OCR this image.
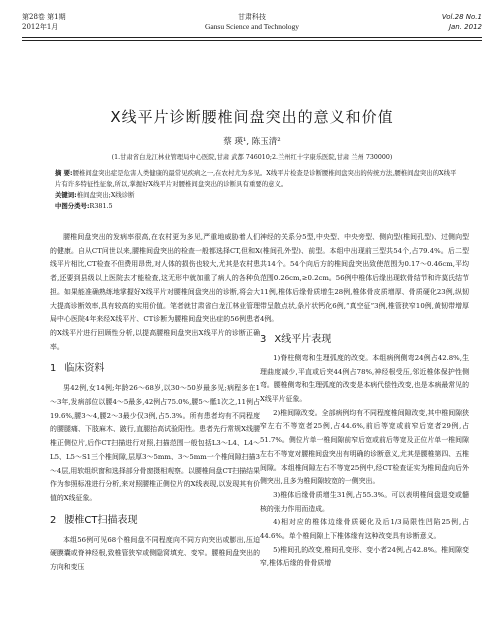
第28卷 第1期
2012年1月
甘肃科技
Gansu Science and Technology
Vol.28 No.1
Jan. 2012
X线平片诊断腰椎间盘突出的意义和价值
蔡 瑛¹, 陈玉清²
(1.甘肃省白龙江林业管理局中心医院,甘肃 武都 746010;2.兰州红十字康乐医院,甘肃 兰州 730000)

摘 要:腰椎间盘突出症是危害人类健康的最常见疾病之一,在农村尤为多见。X线平片检查是诊断腰椎间盘突出的传统方法,腰椎间盘突出的X线平片有许多特征性征象,所以,掌握好X线平片对腰椎间盘突出的诊断具有重要的意义。

关键词:椎间盘突出;X线诊断

中图分类号:R381.5

腰椎间盘突出的发病率很高,在农村更为多见,严重地威胁着人们的健康。自从CT问世以来,腰椎间盘突出的检查一般都选择CT,但和X线平片相比,CT检查不但费用昂贵,对人体的损伤也较大,尤其是农村患者,还要到县级以上医院去才能检查,这无形中就加重了病人的各种负担。如果能准确熟练地掌握好X线平片对腰椎间盘突出的诊断,将会大大提高诊断效率,具有较高的实用价值。笔者就甘肃省白龙江林业管理局中心医院4年来经X线平片、CT诊断为腰椎间盘突出症的56例患者的X线平片进行回顾性分析,以提高腰椎间盘突出X线平片的诊断正确率。

1 临床资料

男42例,女14例;年龄26～68岁,以30～50岁最多见;病程多在1～3年,发病部位以腰4～5最多,42例占75.0%,腰5～骶1次之,11例占19.6%,腰3～4,腰2～3最少仅3例,占5.3%。所有患者均有不同程度的腰腿痛、下肢麻木、跛行,直腿抬高试验阳性。患者先行常规X线腰椎正侧位片,后作CT扫描进行对照,扫描范围一般包括L3～L4、L4～L5、L5～S1三个椎间隙,层厚3～5mm、3～5mm一个椎间隙扫描3～4层,用软组织窗和选择部分骨窗摄相观察。以腰椎间盘CT扫描结果作为参照标准进行分析,来对照腰椎正侧位片的X线表现,以发现其有价值的X线征象。

2 腰椎CT扫描表现

本组56例可见68个椎间盘不同程度向不同方向突出或膨出,压迫硬膜囊或脊神经根,致椎管狭窄或侧隐窝填充、变窄。腰椎间盘突出的方向和变压

神经的关系分5型,中央型、中央旁型、侧向型(椎间孔型)、过侧向型(椎间孔外型)、前型。本组中出现前三型共54个,占79.4%。后二型共14个。54个向后方的椎间盘突出致使范围为0.17～0.46cm,平均范围0.26cm,≥0.2cm。56例中椎体后缘出现软骨结节和许莫氏结节11例,椎体后缘骨质增生28例,椎体骨皮质增厚、骨质硬化23例,纵韧带呈散点状,条片状钙化6例,“真空征”3例,椎管狭窄10例,黄韧带增厚4例。

3 X线平片表现

1)脊柱侧弯和生理弧度的改变。本组病例侧弯24例占42.8%,生理曲度减少,平直或后突44例占78%,神经根受压,邻近椎体保护性侧弯。腰椎侧弯和生理弧度的改变是本病代偿性改变,也是本病最常见的X线平片征象。

2)椎间隙改变。全部病例均有不同程度椎间隙改变,其中椎间隙狭窄左右不等宽者25例,占44.6%,前后等宽或前窄后宽者29例,占51.7%。侧位片单一椎间隙前窄后宽或前后等宽及正位片单一椎间隙左右不等宽对腰椎间盘突出有明确的诊断意义,尤其是腰椎第四、五椎间隙。本组椎间隙左右不等宽25例中,经CT检查证实为椎间盘向后外侧突出,且多为椎间隙较宽的一侧突出。

3)椎体后缘骨质增生31例,占55.3%。可以表明椎间盘退变或髓核的张力作用而造成。

4)相对应的椎体边缘骨质硬化及后1/3局限性凹陷25例,占44.6%。单个椎间隙上下椎体缘有这种改变具有诊断意义。

5)椎间孔的改变,椎间孔变形、变小者24例,占42.8%。椎间隙变窄,椎体后缘的骨骨质增
